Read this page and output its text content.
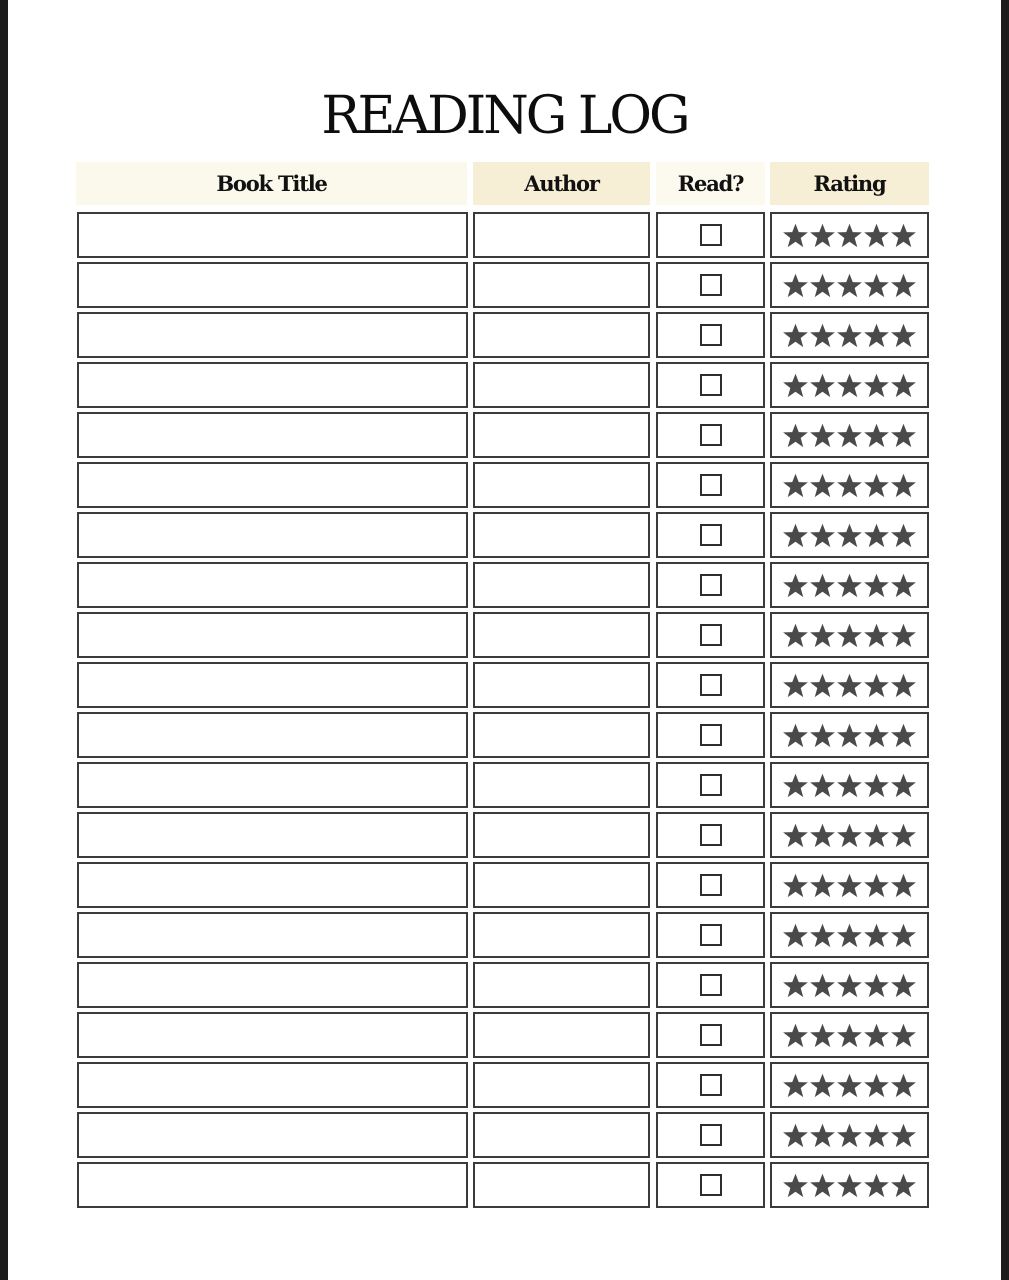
READING LOG
Book Title	Author	Read?	Rating
